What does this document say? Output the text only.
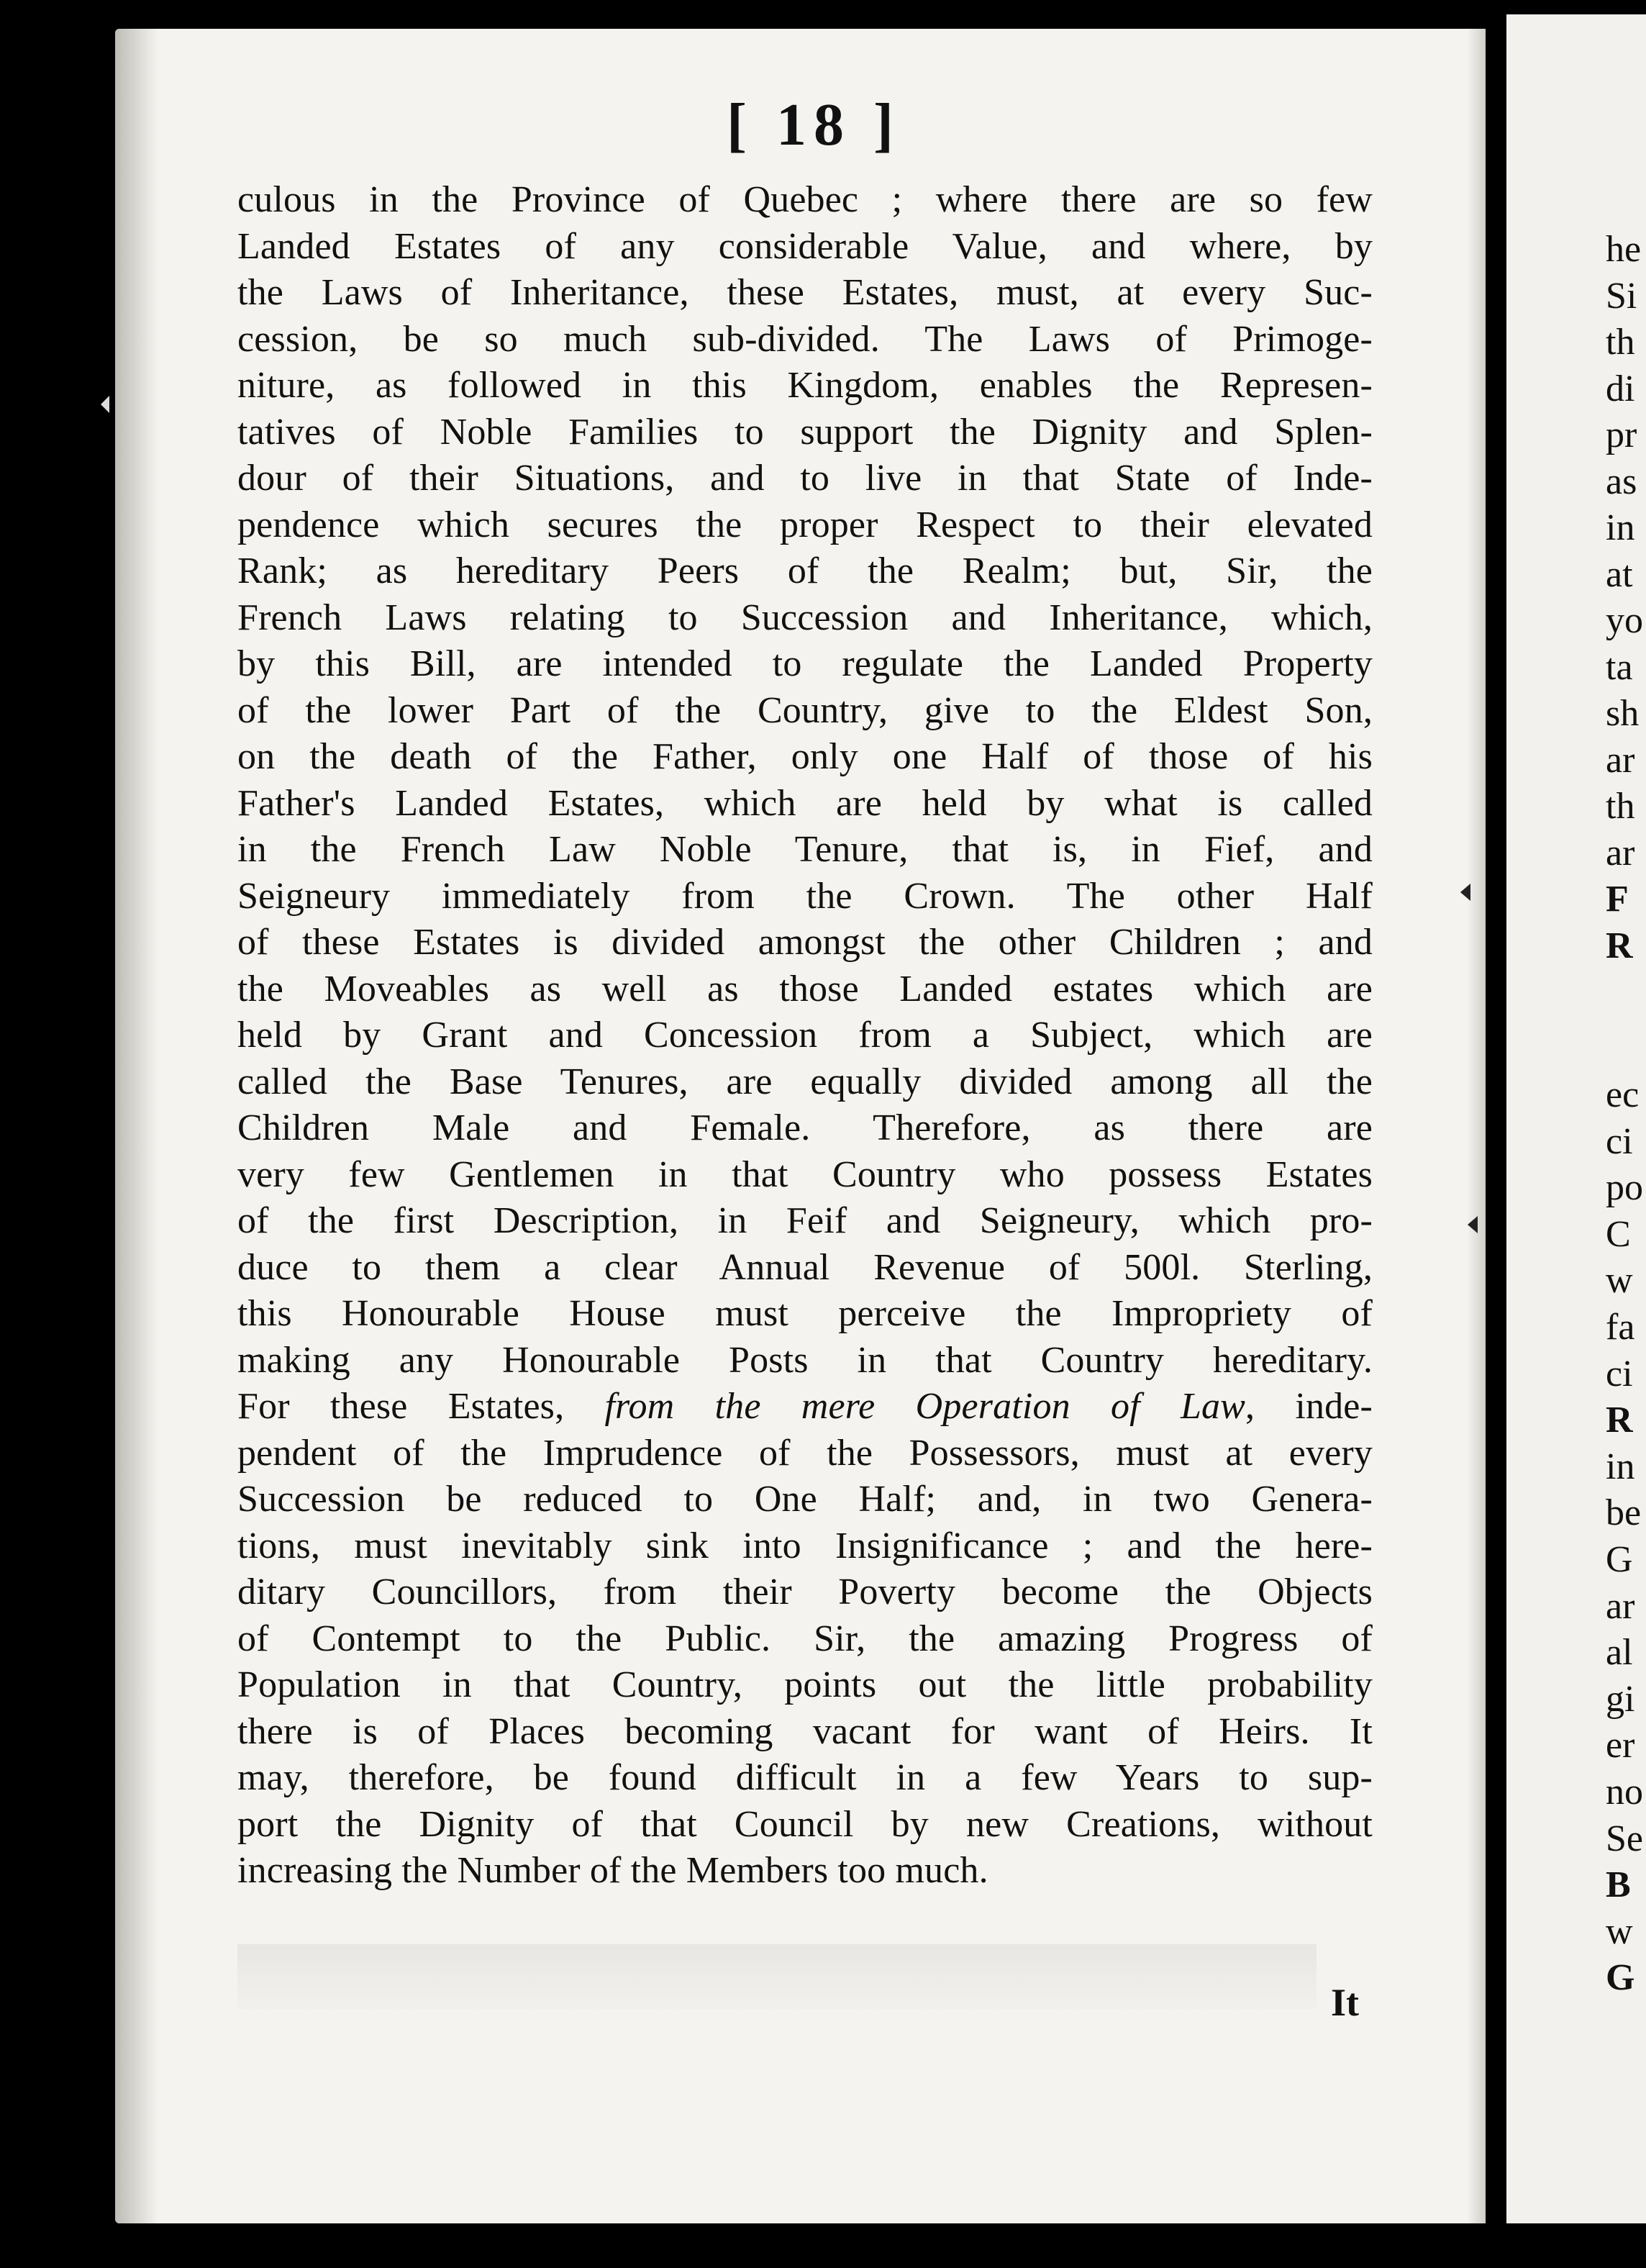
[ 18 ]
culous in the Province of Quebec ; where there are so few
Landed Estates of any considerable Value, and where, by
the Laws of Inheritance, these Estates, must, at every Suc-
cession, be so much sub-divided. The Laws of Primoge-
niture, as followed in this Kingdom, enables the Represen-
tatives of Noble Families to support the Dignity and Splen-
dour of their Situations, and to live in that State of Inde-
pendence which secures the proper Respect to their elevated
Rank; as hereditary Peers of the Realm; but, Sir, the
French Laws relating to Succession and Inheritance, which,
by this Bill, are intended to regulate the Landed Property
of the lower Part of the Country, give to the Eldest Son,
on the death of the Father, only one Half of those of his
Father's Landed Estates, which are held by what is called
in the French Law Noble Tenure, that is, in Fief, and
Seigneury immediately from the Crown. The other Half
of these Estates is divided amongst the other Children ; and
the Moveables as well as those Landed estates which are
held by Grant and Concession from a Subject, which are
called the Base Tenures, are equally divided among all the
Children Male and Female. Therefore, as there are
very few Gentlemen in that Country who possess Estates
of the first Description, in Feif and Seigneury, which pro-
duce to them a clear Annual Revenue of 500l. Sterling,
this Honourable House must perceive the Impropriety of
making any Honourable Posts in that Country hereditary.
For these Estates, from the mere Operation of Law, inde-
pendent of the Imprudence of the Possessors, must at every
Succession be reduced to One Half; and, in two Genera-
tions, must inevitably sink into Insignificance ; and the here-
ditary Councillors, from their Poverty become the Objects
of Contempt to the Public. Sir, the amazing Progress of
Population in that Country, points out the little probability
there is of Places becoming vacant for want of Heirs. It
may, therefore, be found difficult in a few Years to sup-
port the Dignity of that Council by new Creations, without
increasing the Number of the Members too much.
It
he
Si
th
di
pr
as
in
at
yo
ta
sh
ar
th
ar
F
R
ec
ci
po
C
w
fa
ci
R
in
be
G
ar
al
gi
er
no
Se
B
w
G
